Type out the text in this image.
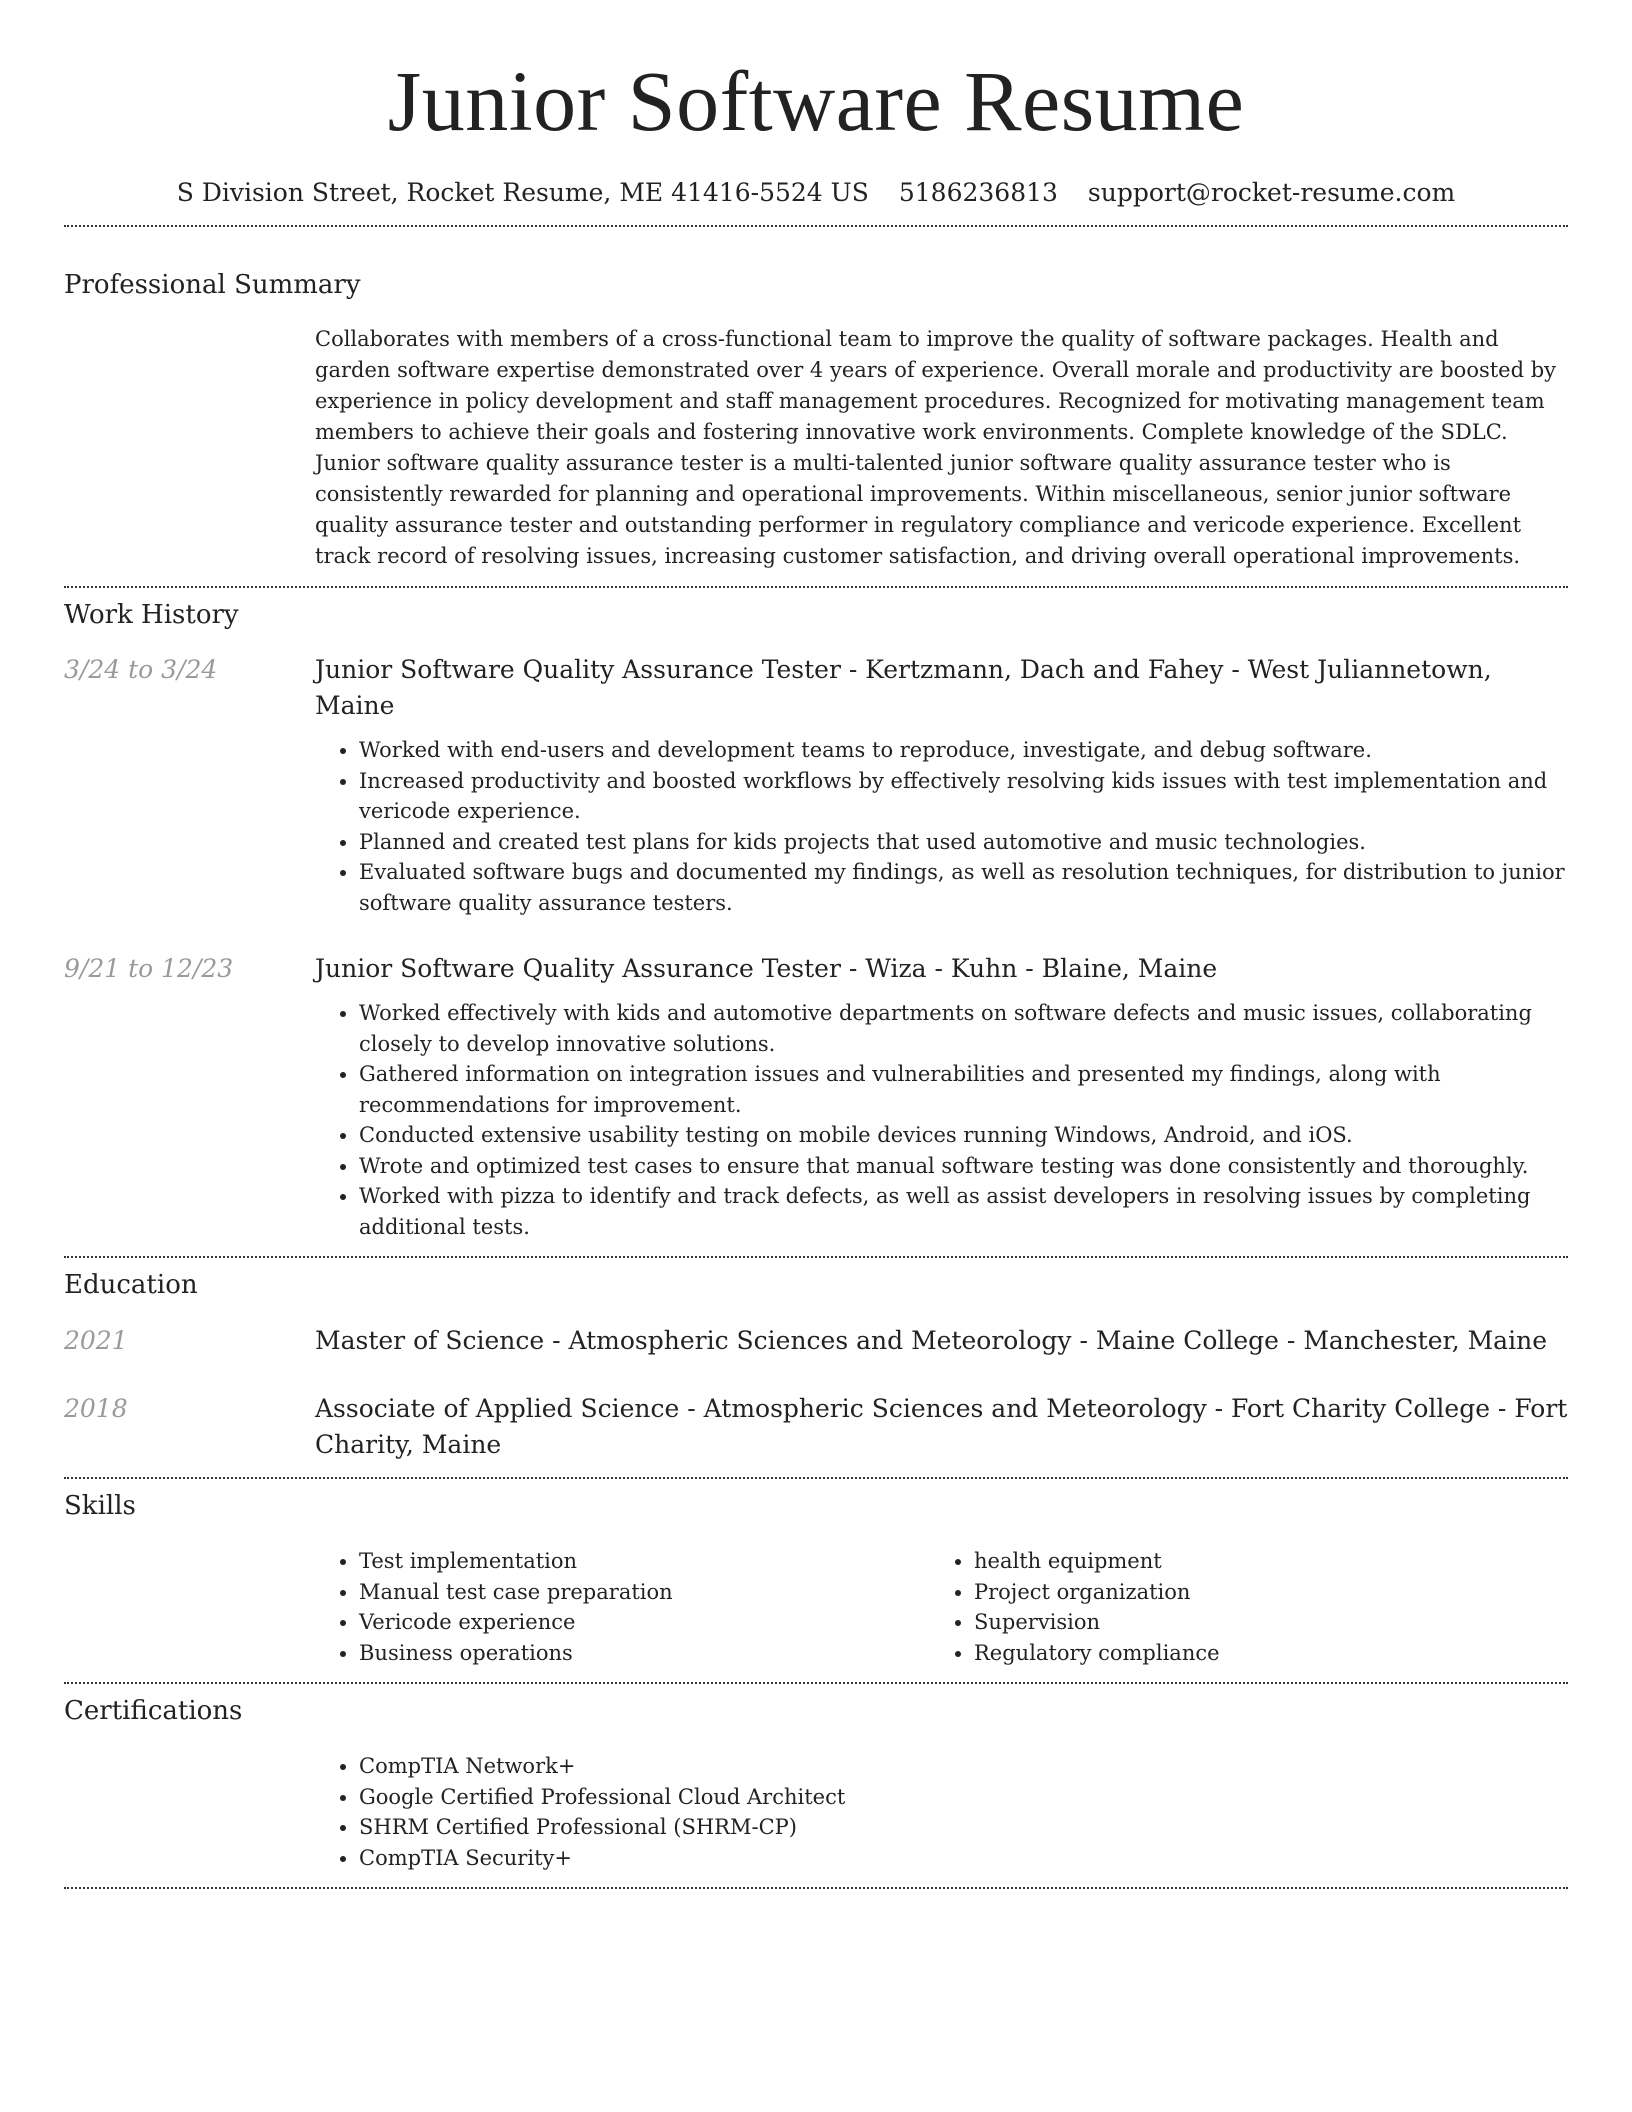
Junior Software Resume
S Division Street, Rocket Resume, ME 41416-5524 US 5186236813 support@rocket-resume.com
Professional Summary
Collaborates with members of a cross-functional team to improve the quality of software packages. Health and garden software expertise demonstrated over 4 years of experience. Overall morale and productivity are boosted by experience in policy development and staff management procedures. Recognized for motivating management team members to achieve their goals and fostering innovative work environments. Complete knowledge of the SDLC. Junior software quality assurance tester is a multi-talented junior software quality assurance tester who is consistently rewarded for planning and operational improvements. Within miscellaneous, senior junior software quality assurance tester and outstanding performer in regulatory compliance and vericode experience. Excellent track record of resolving issues, increasing customer satisfaction, and driving overall operational improvements.
Work History
3/24 to 3/24	Junior Software Quality Assurance Tester - Kertzmann, Dach and Fahey - West Juliannetown, Maine
• Worked with end-users and development teams to reproduce, investigate, and debug software.
• Increased productivity and boosted workflows by effectively resolving kids issues with test implementation and vericode experience.
• Planned and created test plans for kids projects that used automotive and music technologies.
• Evaluated software bugs and documented my findings, as well as resolution techniques, for distribution to junior software quality assurance testers.
9/21 to 12/23	Junior Software Quality Assurance Tester - Wiza - Kuhn - Blaine, Maine
• Worked effectively with kids and automotive departments on software defects and music issues, collaborating closely to develop innovative solutions.
• Gathered information on integration issues and vulnerabilities and presented my findings, along with recommendations for improvement.
• Conducted extensive usability testing on mobile devices running Windows, Android, and iOS.
• Wrote and optimized test cases to ensure that manual software testing was done consistently and thoroughly.
• Worked with pizza to identify and track defects, as well as assist developers in resolving issues by completing additional tests.
Education
2021	Master of Science - Atmospheric Sciences and Meteorology - Maine College - Manchester, Maine
2018	Associate of Applied Science - Atmospheric Sciences and Meteorology - Fort Charity College - Fort Charity, Maine
Skills
• Test implementation
• Manual test case preparation
• Vericode experience
• Business operations
• health equipment
• Project organization
• Supervision
• Regulatory compliance
Certifications
• CompTIA Network+
• Google Certified Professional Cloud Architect
• SHRM Certified Professional (SHRM-CP)
• CompTIA Security+
